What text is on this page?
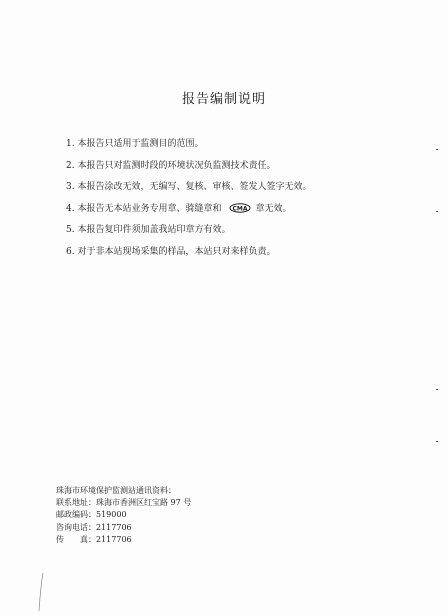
报告编制说明
1. 本报告只适用于监测目的范围。
2. 本报告只对监测时段的环境状况负监测技术责任。
3. 本报告涂改无效，无编写、复核、审核、签发人签字无效。
4. 本报告无本站业务专用章、骑缝章和 CMA 章无效。
5. 本报告复印件须加盖我站印章方有效。
6. 对于非本站现场采集的样品，本站只对来样负责。
珠海市环境保护监测站通讯资料：
联系地址：珠海市香洲区红宝路 97 号
邮政编码：519000
咨询电话：2117706
传　　真：2117706
